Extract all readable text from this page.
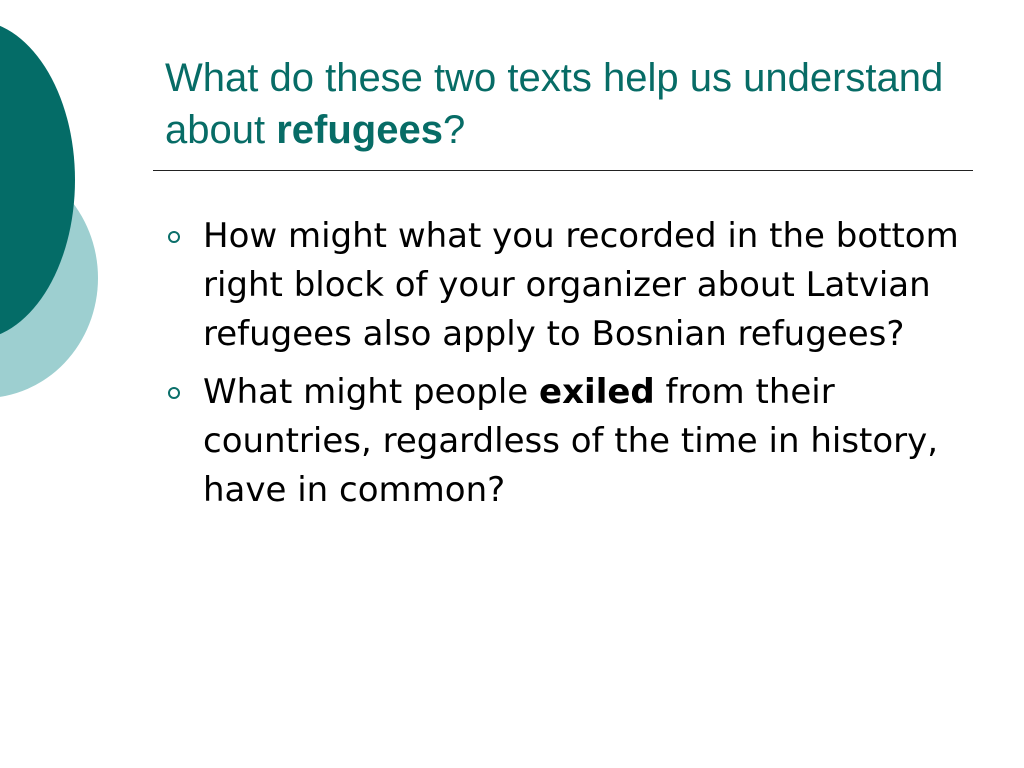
What do these two texts help us understand about refugees?
How might what you recorded in the bottom right block of your organizer about Latvian refugees also apply to Bosnian refugees?
What might people exiled from their countries, regardless of the time in history, have in common?
